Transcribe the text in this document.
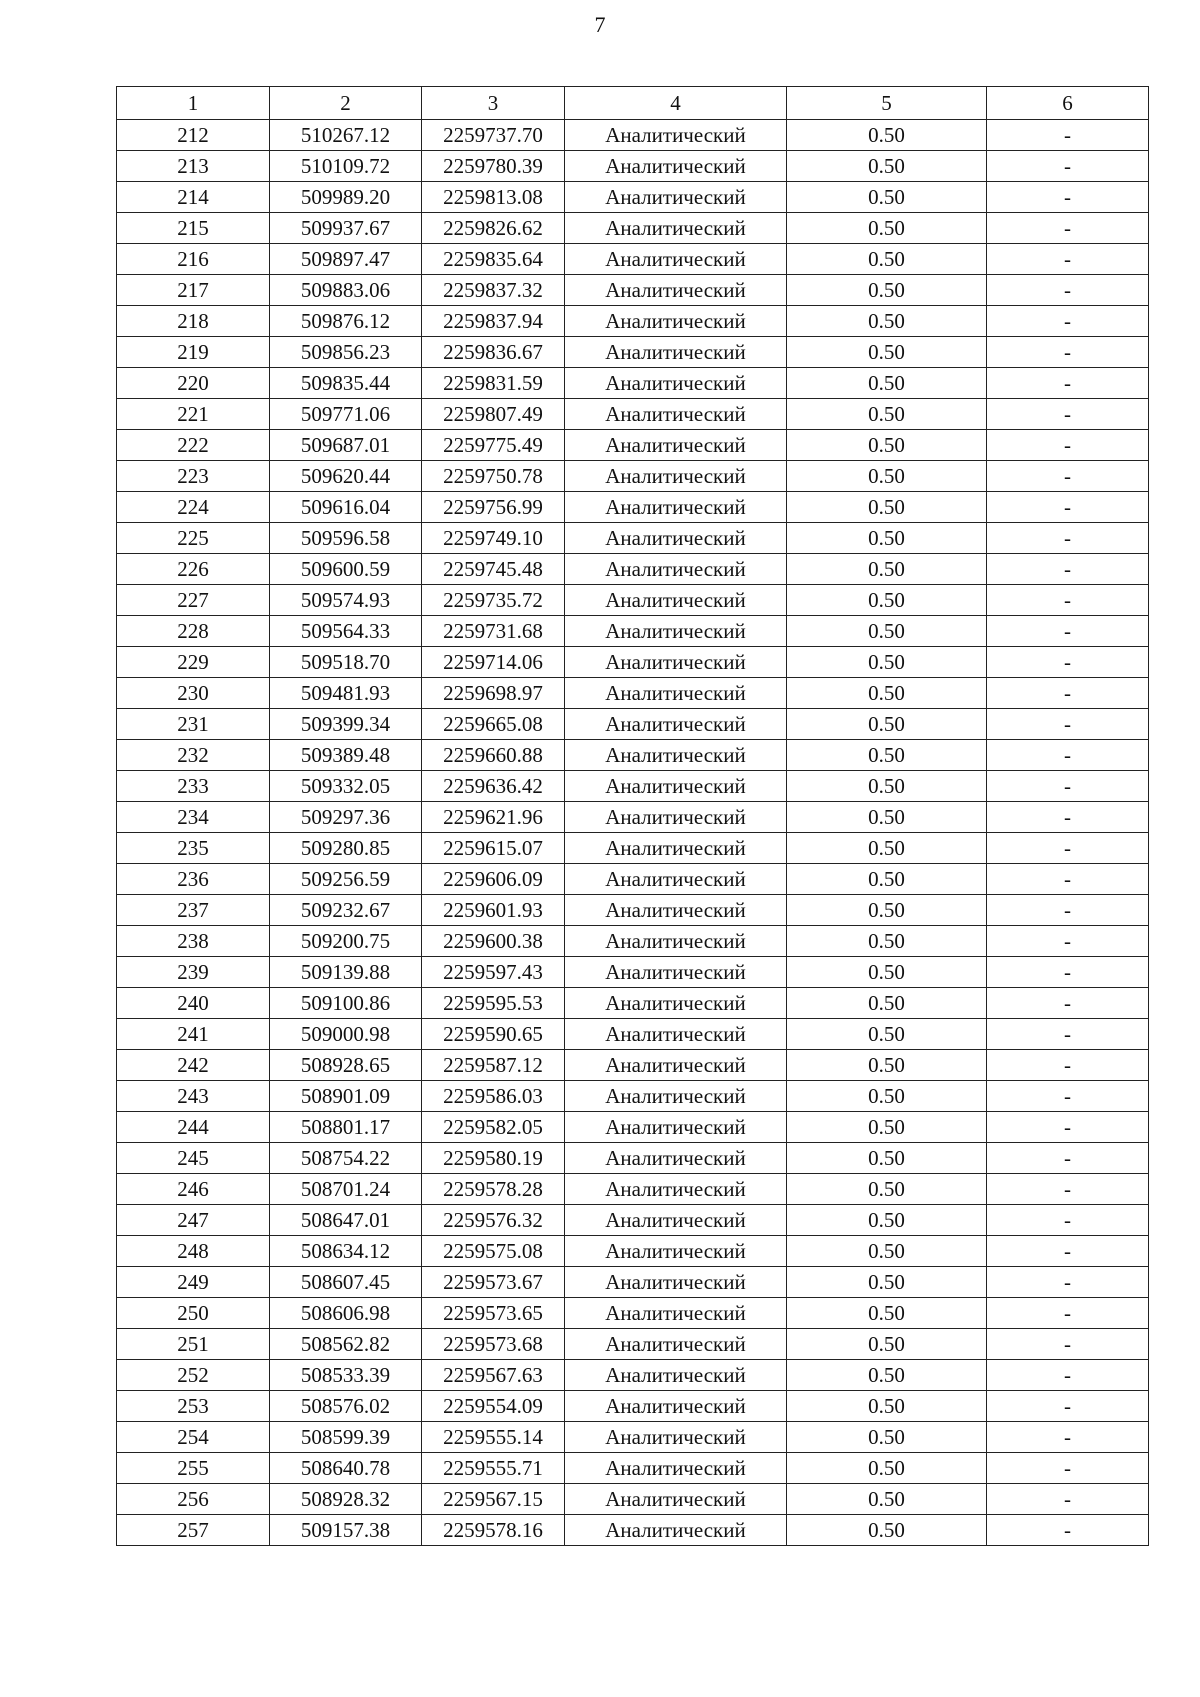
7
1	2	3	4	5	6
212	510267.12	2259737.70	Аналитический	0.50	-
213	510109.72	2259780.39	Аналитический	0.50	-
214	509989.20	2259813.08	Аналитический	0.50	-
215	509937.67	2259826.62	Аналитический	0.50	-
216	509897.47	2259835.64	Аналитический	0.50	-
217	509883.06	2259837.32	Аналитический	0.50	-
218	509876.12	2259837.94	Аналитический	0.50	-
219	509856.23	2259836.67	Аналитический	0.50	-
220	509835.44	2259831.59	Аналитический	0.50	-
221	509771.06	2259807.49	Аналитический	0.50	-
222	509687.01	2259775.49	Аналитический	0.50	-
223	509620.44	2259750.78	Аналитический	0.50	-
224	509616.04	2259756.99	Аналитический	0.50	-
225	509596.58	2259749.10	Аналитический	0.50	-
226	509600.59	2259745.48	Аналитический	0.50	-
227	509574.93	2259735.72	Аналитический	0.50	-
228	509564.33	2259731.68	Аналитический	0.50	-
229	509518.70	2259714.06	Аналитический	0.50	-
230	509481.93	2259698.97	Аналитический	0.50	-
231	509399.34	2259665.08	Аналитический	0.50	-
232	509389.48	2259660.88	Аналитический	0.50	-
233	509332.05	2259636.42	Аналитический	0.50	-
234	509297.36	2259621.96	Аналитический	0.50	-
235	509280.85	2259615.07	Аналитический	0.50	-
236	509256.59	2259606.09	Аналитический	0.50	-
237	509232.67	2259601.93	Аналитический	0.50	-
238	509200.75	2259600.38	Аналитический	0.50	-
239	509139.88	2259597.43	Аналитический	0.50	-
240	509100.86	2259595.53	Аналитический	0.50	-
241	509000.98	2259590.65	Аналитический	0.50	-
242	508928.65	2259587.12	Аналитический	0.50	-
243	508901.09	2259586.03	Аналитический	0.50	-
244	508801.17	2259582.05	Аналитический	0.50	-
245	508754.22	2259580.19	Аналитический	0.50	-
246	508701.24	2259578.28	Аналитический	0.50	-
247	508647.01	2259576.32	Аналитический	0.50	-
248	508634.12	2259575.08	Аналитический	0.50	-
249	508607.45	2259573.67	Аналитический	0.50	-
250	508606.98	2259573.65	Аналитический	0.50	-
251	508562.82	2259573.68	Аналитический	0.50	-
252	508533.39	2259567.63	Аналитический	0.50	-
253	508576.02	2259554.09	Аналитический	0.50	-
254	508599.39	2259555.14	Аналитический	0.50	-
255	508640.78	2259555.71	Аналитический	0.50	-
256	508928.32	2259567.15	Аналитический	0.50	-
257	509157.38	2259578.16	Аналитический	0.50	-
